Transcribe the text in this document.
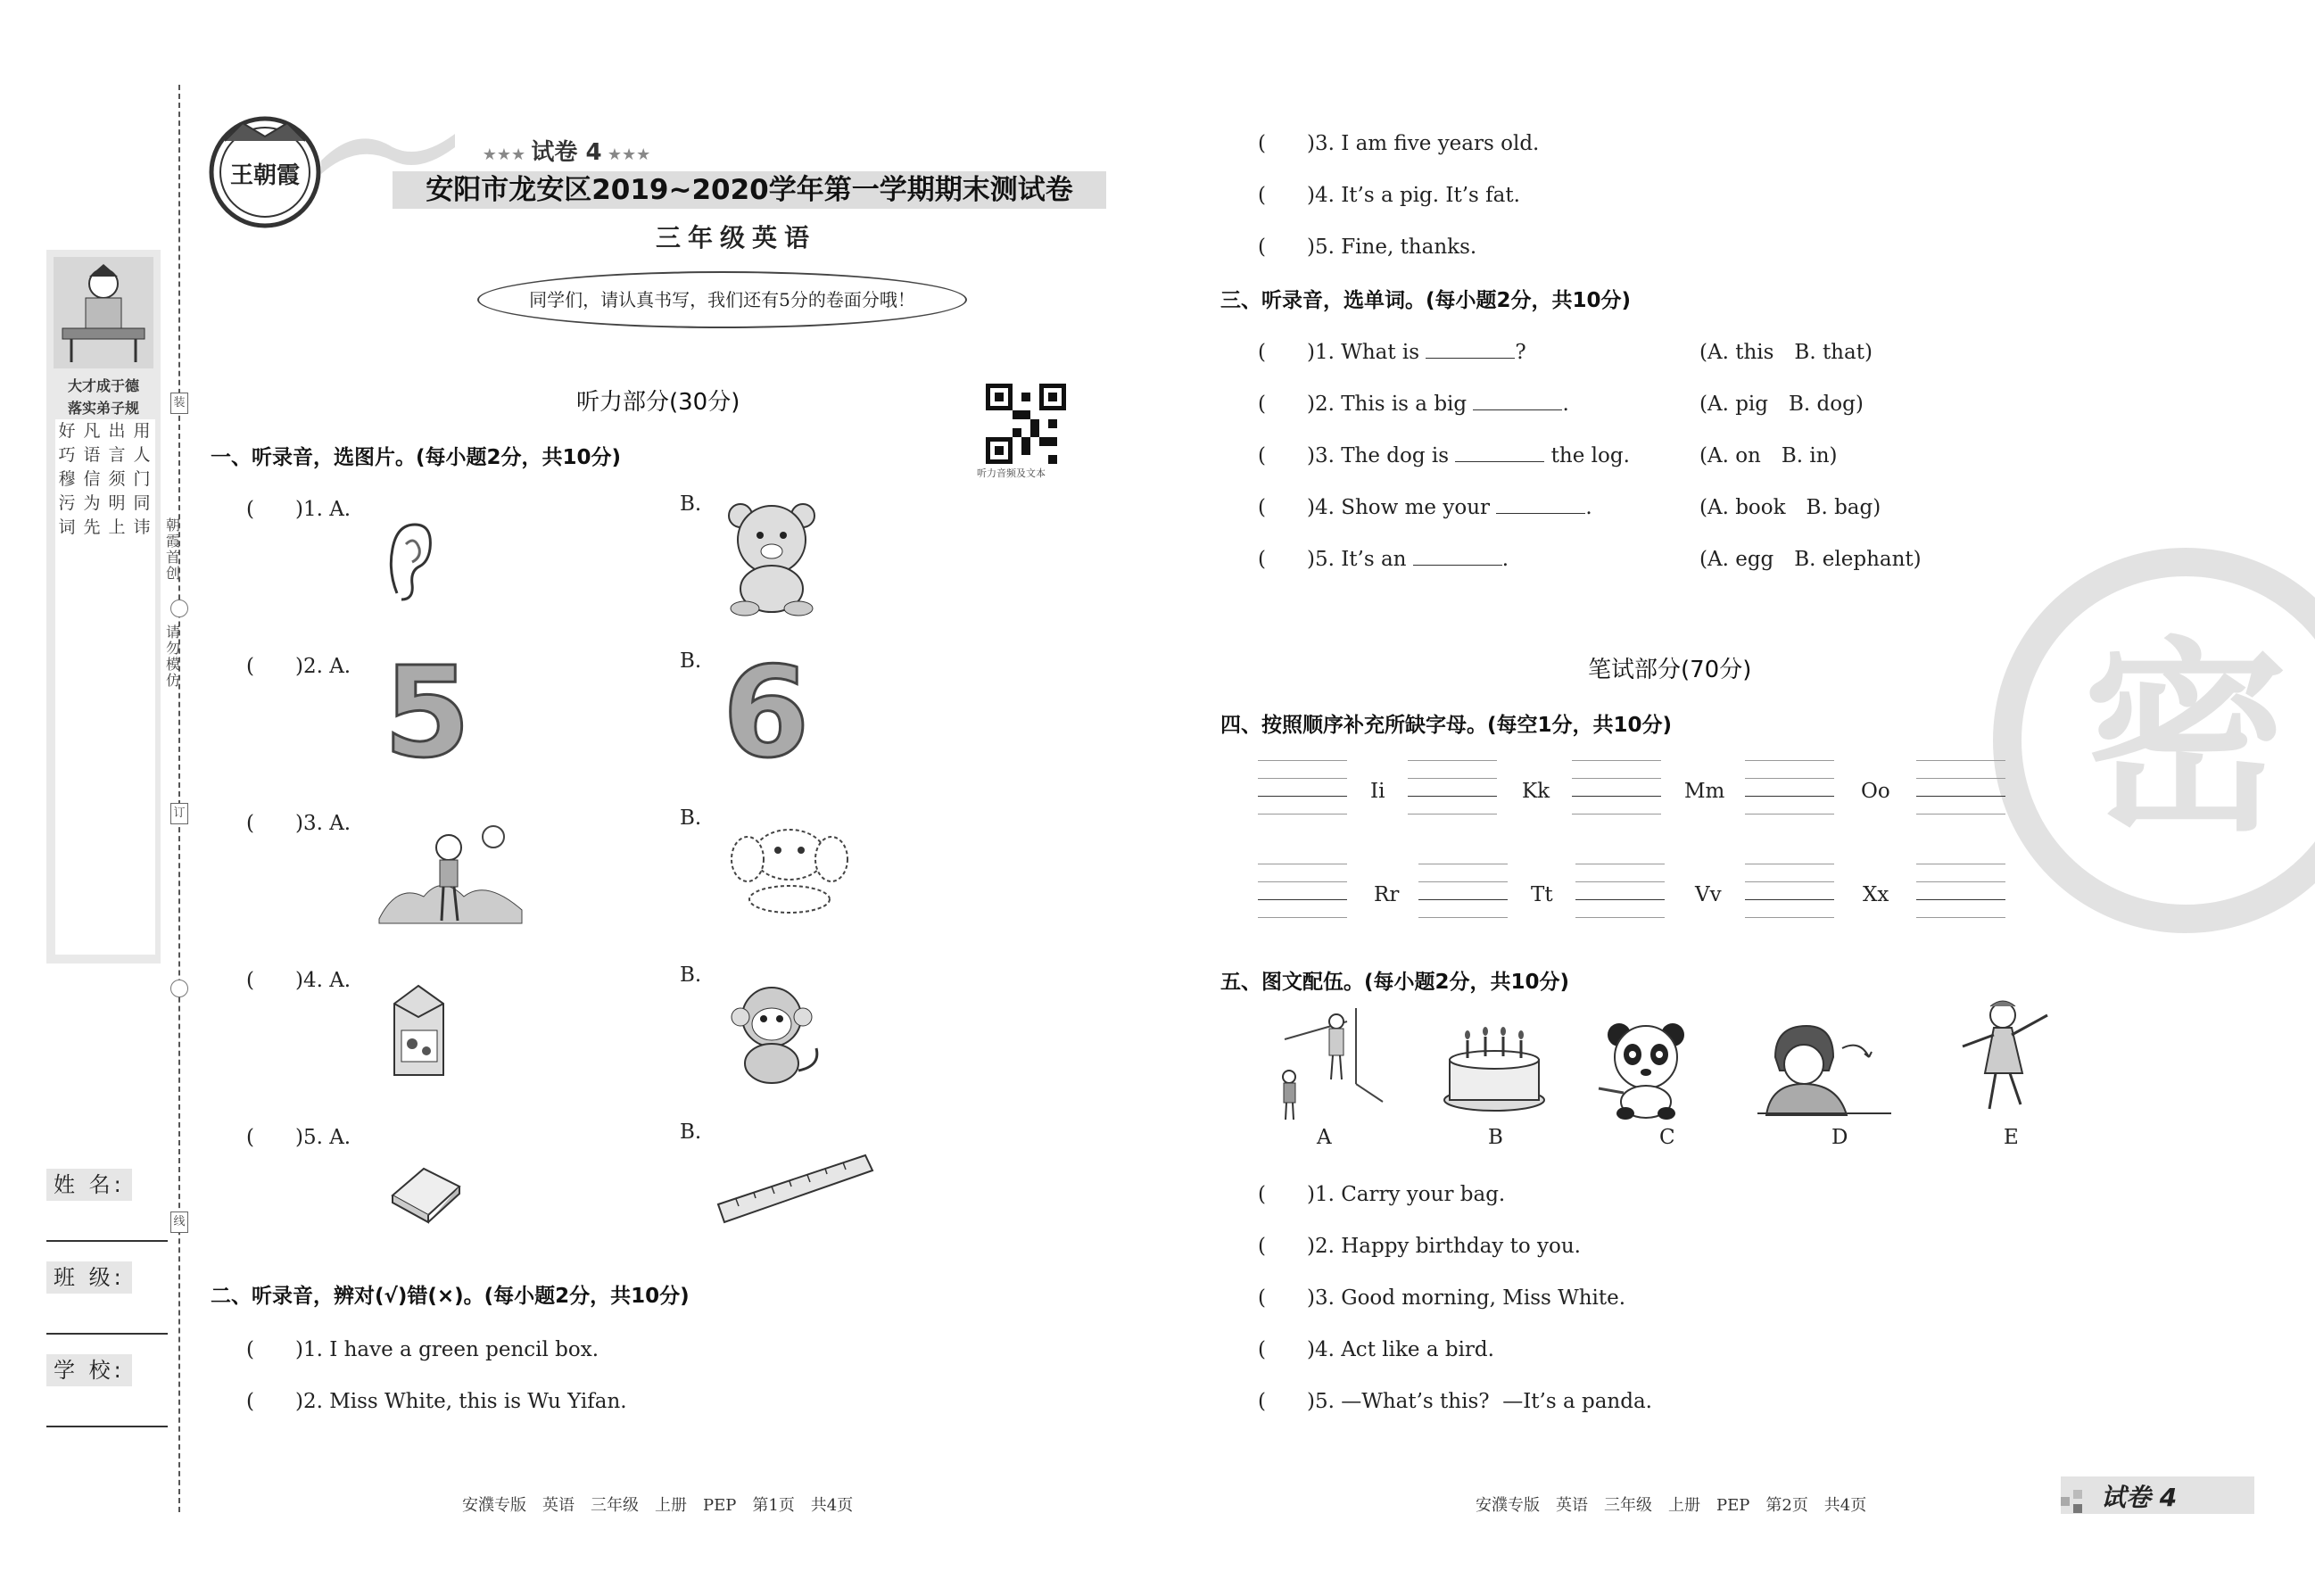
大才成于德
落实弟子规
好巧穆污词
凡语信为先
出言须明上
用人门同讳 朝霞首创
请勿模仿
装
订
线
姓 名:
班 级:
学 校:
王朝霞
★★★ 试卷 4 ★★★
安阳市龙安区2019~2020学年第一学期期末测试卷
三年级英语
同学们，请认真书写，我们还有5分的卷面分哦！
听力部分(30分)
听力音频及文本
一、听录音，选图片。(每小题2分，共10分)
(　　)1. A.	B.
(　　)2. A.	B.
5 6
(　　)3. A.	B.
(　　)4. A.	B.
(　　)5. A.	B.
二、听录音，辨对(√)错(×)。(每小题2分，共10分)
(　　)1. I have a green pencil box.
(　　)2. Miss White, this is Wu Yifan.
(　　)3. I am five years old.
(　　)4. It’s a pig. It’s fat.
(　　)5. Fine, thanks.
三、听录音，选单词。(每小题2分，共10分)
(　　)1. What is	?	(A. this　B. that)
(　　)2. This is a big	.	(A. pig　B. dog)
(　　)3. The dog is	the log.	(A. on　B. in)
(　　)4. Show me your	.	(A. book　B. bag)
(　　)5. It’s an	.	(A. egg　B. elephant)
密
笔试部分(70分)
四、按照顺序补充所缺字母。(每空1分，共10分)
Ii	Kk	Mm	Oo
Rr	Tt	Vv	Xx
五、图文配伍。(每小题2分，共10分)
A	B	C	D	E
(　　)1. Carry your bag.
(　　)2. Happy birthday to you.
(　　)3. Good morning, Miss White.
(　　)4. Act like a bird.
(　　)5. —What’s this?  —It’s a panda.
安濮专版　英语　三年级　上册　PEP　第1页　共4页	安濮专版　英语　三年级　上册　PEP　第2页　共4页	试卷 4
